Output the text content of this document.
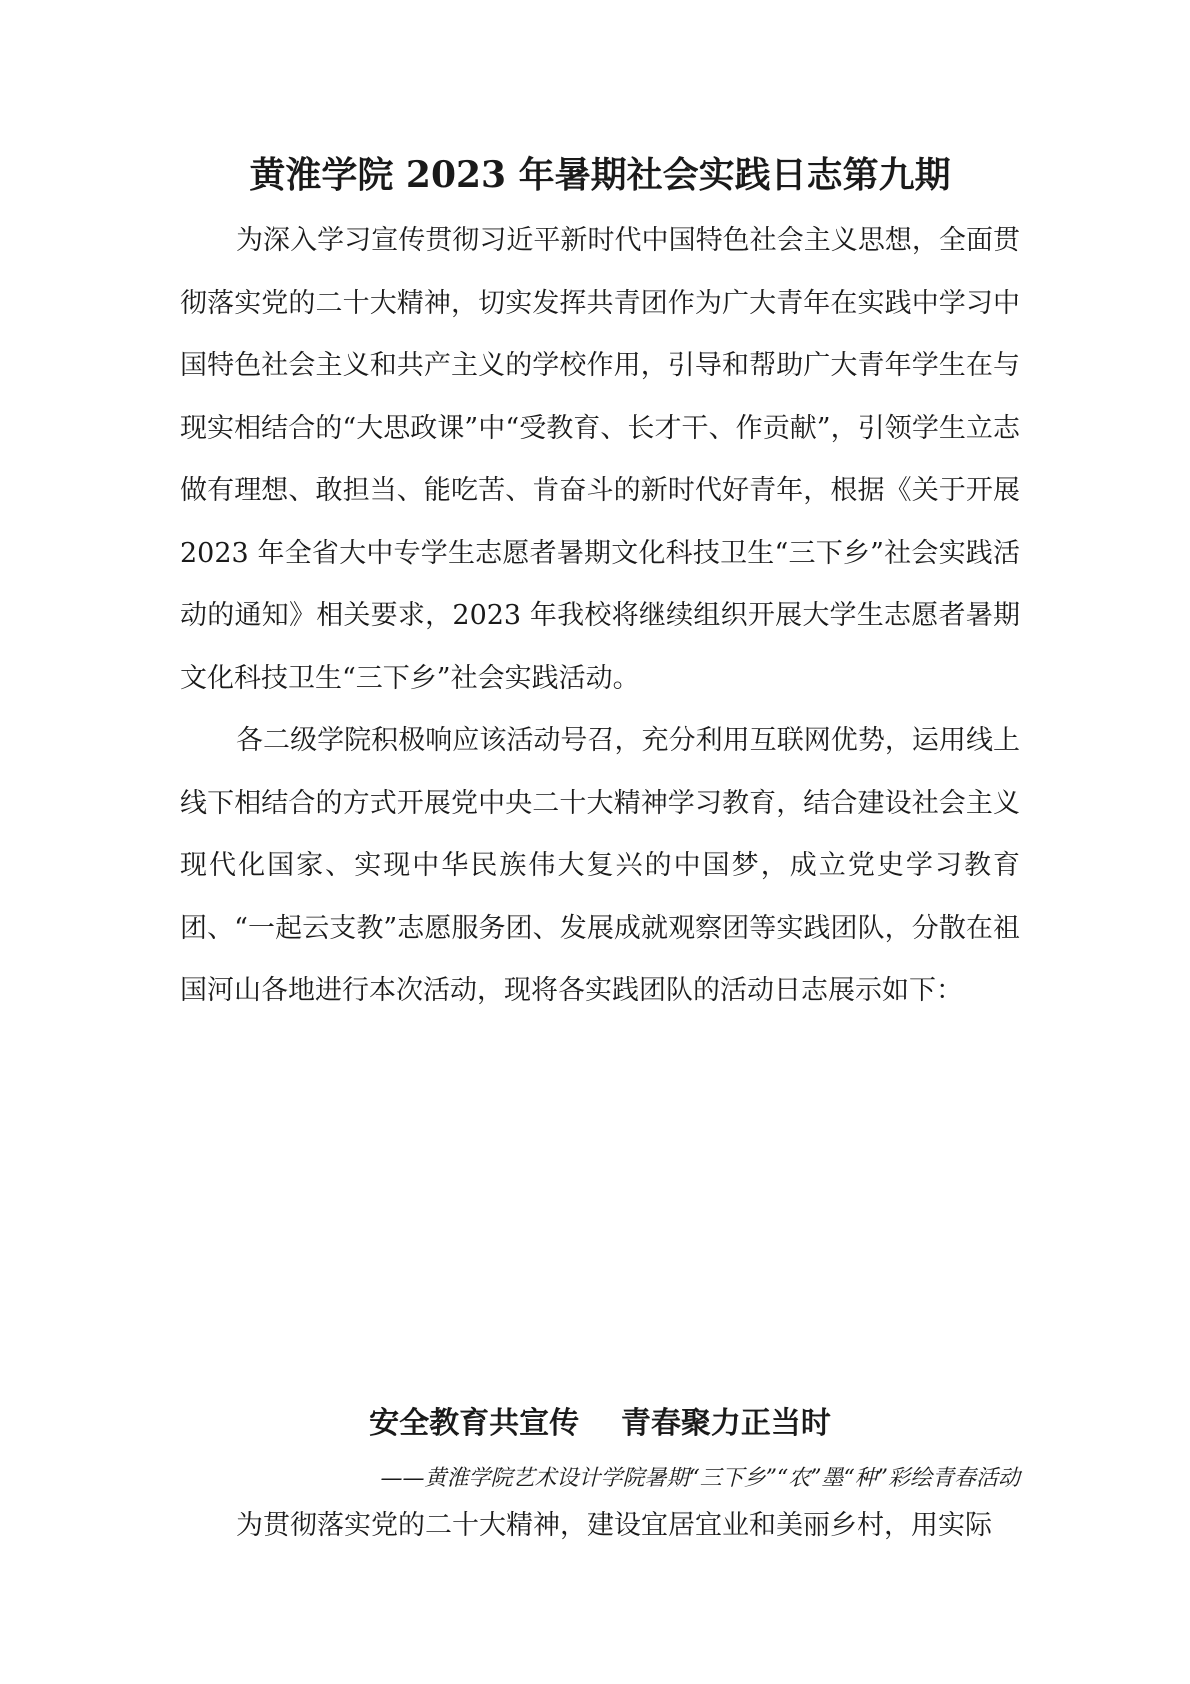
黄淮学院 2023 年暑期社会实践日志第九期

为深入学习宣传贯彻习近平新时代中国特色社会主义思想，全面贯彻落实党的二十大精神，切实发挥共青团作为广大青年在实践中学习中国特色社会主义和共产主义的学校作用，引导和帮助广大青年学生在与现实相结合的“大思政课”中“受教育、长才干、作贡献”，引领学生立志做有理想、敢担当、能吃苦、肯奋斗的新时代好青年，根据《关于开展 2023 年全省大中专学生志愿者暑期文化科技卫生“三下乡”社会实践活动的通知》相关要求，2023 年我校将继续组织开展大学生志愿者暑期文化科技卫生“三下乡”社会实践活动。

各二级学院积极响应该活动号召，充分利用互联网优势，运用线上线下相结合的方式开展党中央二十大精神学习教育，结合建设社会主义现代化国家、实现中华民族伟大复兴的中国梦，成立党史学习教育团、“一起云支教”志愿服务团、发展成就观察团等实践团队，分散在祖国河山各地进行本次活动，现将各实践团队的活动日志展示如下：

安全教育共宣传    青春聚力正当时
——黄淮学院艺术设计学院暑期“三下乡”“农”墨“种”彩绘青春活动

为贯彻落实党的二十大精神，建设宜居宜业和美丽乡村，用实际
